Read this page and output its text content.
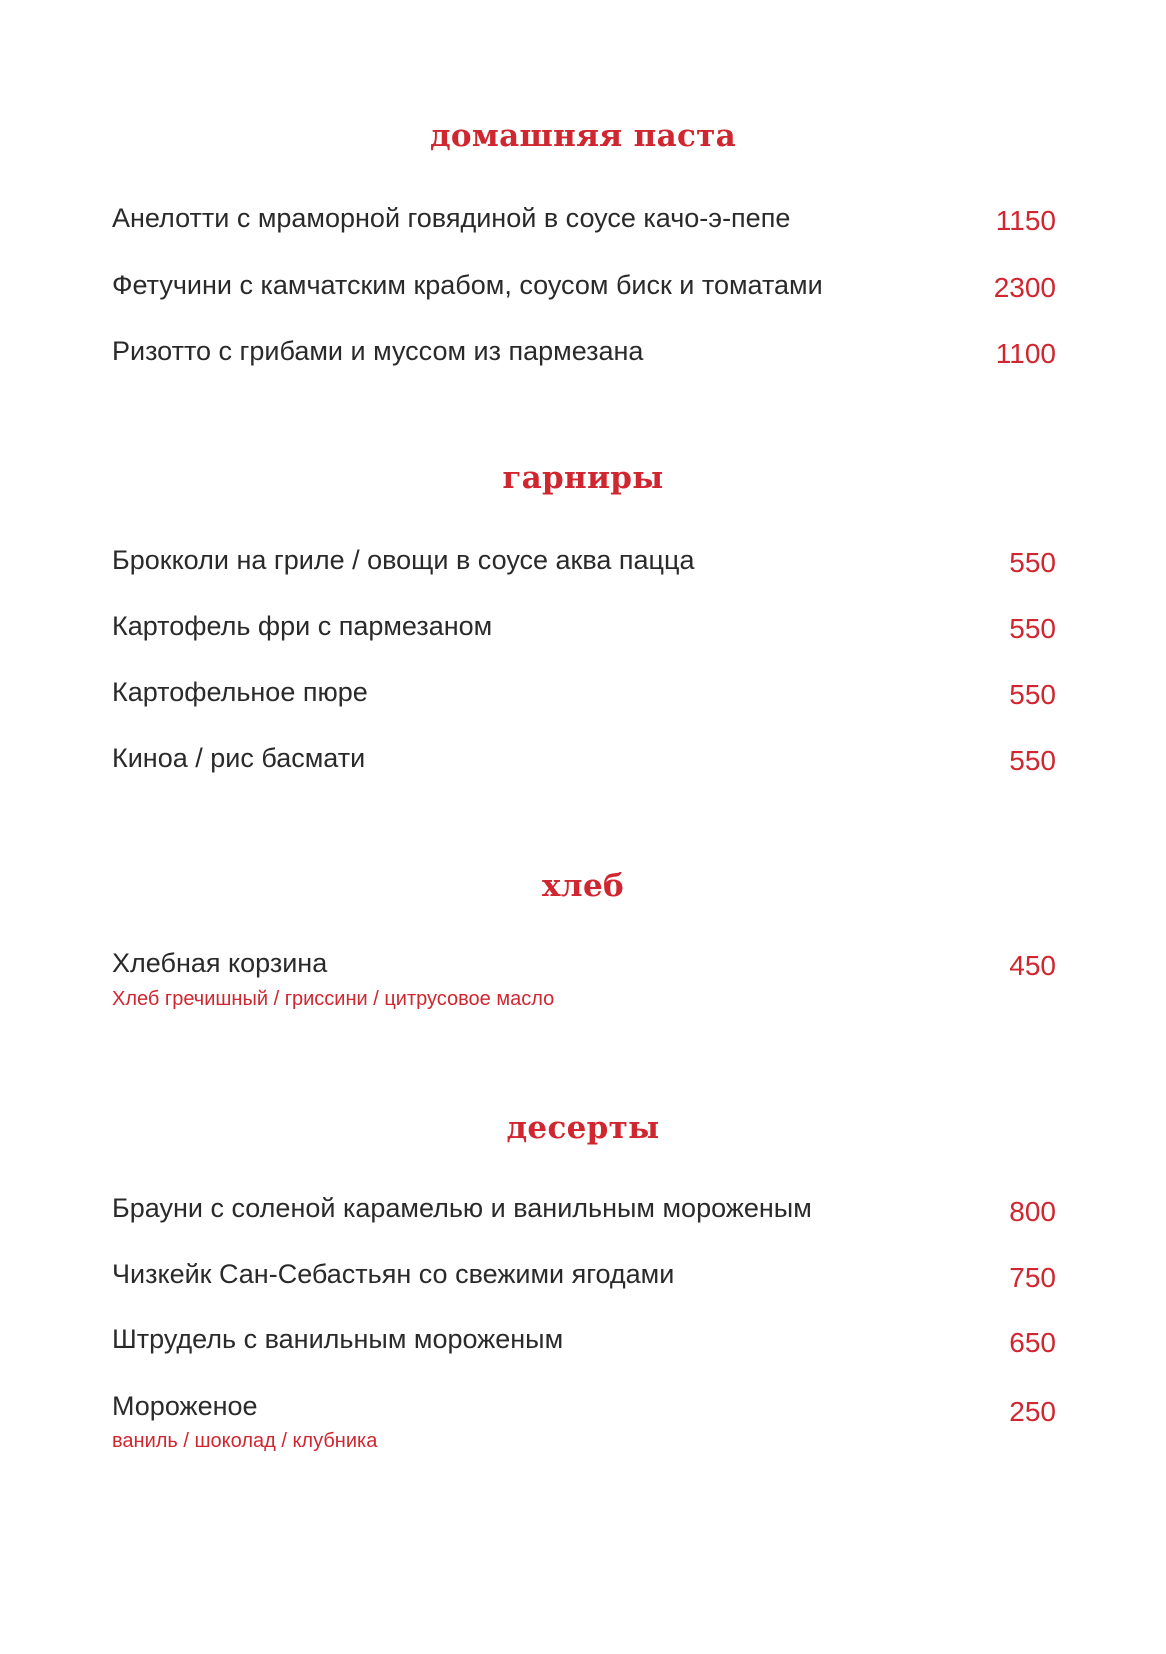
домашняя паста
Анелотти с мраморной говядиной в соусе качо-э-пепе	1150
Фетучини с камчатским крабом, соусом биск и томатами	2300
Ризотто с грибами и муссом из пармезана	1100
гарниры
Брокколи на гриле / овощи в соусе аква пацца	550
Картофель фри с пармезаном	550
Картофельное пюре	550
Киноа / рис басмати	550
хлеб
Хлебная корзина	450
Хлеб гречишный / гриссини / цитрусовое масло
десерты
Брауни с соленой карамелью и ванильным мороженым	800
Чизкейк Сан-Себастьян со свежими ягодами	750
Штрудель с ванильным мороженым	650
Мороженое	250
ваниль / шоколад / клубника
